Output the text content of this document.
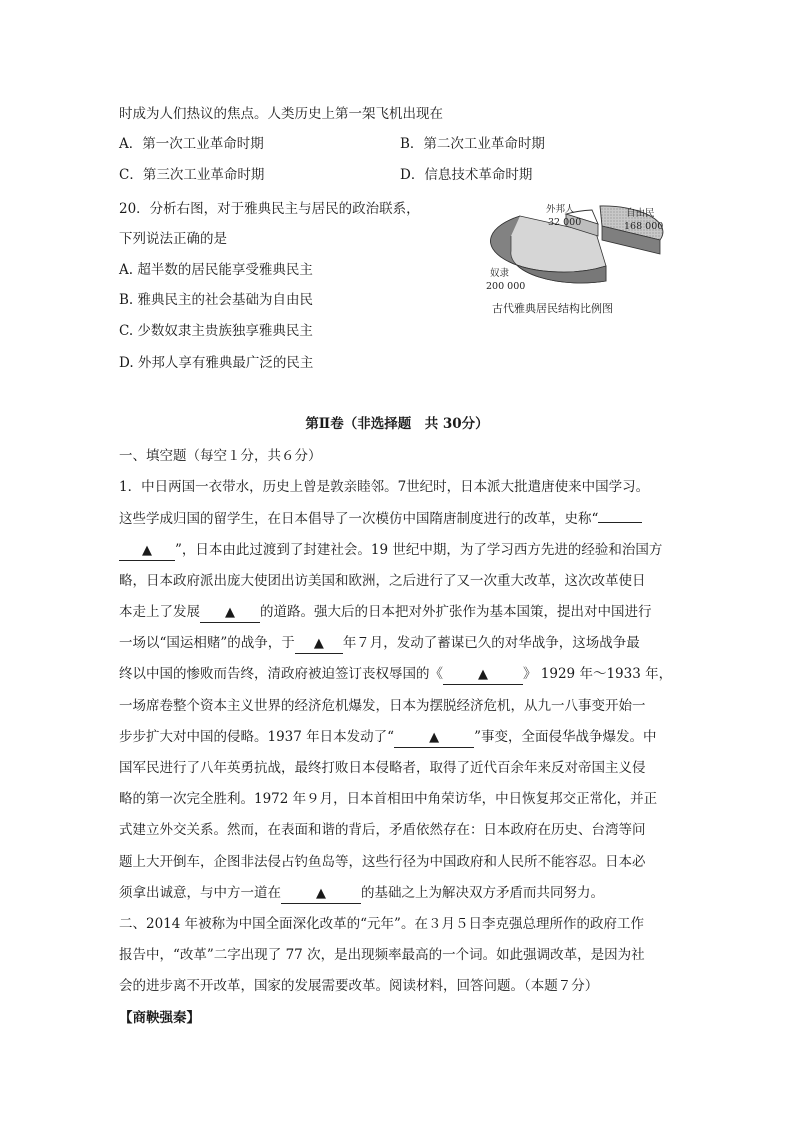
时成为人们热议的焦点。人类历史上第一架飞机出现在
A．第一次工业革命时期	B．第二次工业革命时期
C．第三次工业革命时期	D．信息技术革命时期
20．分析右图，对于雅典民主与居民的政治联系，
下列说法正确的是
A. 超半数的居民能享受雅典民主
B. 雅典民主的社会基础为自由民
C. 少数奴隶主贵族独享雅典民主
D. 外邦人享有雅典最广泛的民主
外邦人
32 000
自由民
168 000
奴隶
200 000
古代雅典居民结构比例图
第Ⅱ卷（非选择题　共 30分）
一、填空题（每空１分，共６分）
1．中日两国一衣带水，历史上曾是敦亲睦邻。7世纪时，日本派大批遣唐使来中国学习。
这些学成归国的留学生，在日本倡导了一次模仿中国隋唐制度进行的改革，史称“
▲ ”，日本由此过渡到了封建社会。19 世纪中期，为了学习西方先进的经验和治国方
略，日本政府派出庞大使团出访美国和欧洲，之后进行了又一次重大改革，这次改革使日
本走上了发展 ▲ 的道路。强大后的日本把对外扩张作为基本国策，提出对中国进行
一场以“国运相赌”的战争，于 ▲ 年７月，发动了蓄谋已久的对华战争，这场战争最
终以中国的惨败而告终，清政府被迫签订丧权辱国的《	▲	》 1929 年～1933 年，
一场席卷整个资本主义世界的经济危机爆发，日本为摆脱经济危机，从九一八事变开始一
步步扩大对中国的侵略。1937 年日本发动了“	▲	”事变，全面侵华战争爆发。中
国军民进行了八年英勇抗战，最终打败日本侵略者，取得了近代百余年来反对帝国主义侵
略的第一次完全胜利。1972 年９月，日本首相田中角荣访华，中日恢复邦交正常化，并正
式建立外交关系。然而，在表面和谐的背后，矛盾依然存在：日本政府在历史、台湾等问
题上大开倒车，企图非法侵占钓鱼岛等，这些行径为中国政府和人民所不能容忍。日本必
须拿出诚意，与中方一道在	▲	的基础之上为解决双方矛盾而共同努力。
二、2014 年被称为中国全面深化改革的“元年”。在３月５日李克强总理所作的政府工作
报告中，“改革”二字出现了 77 次，是出现频率最高的一个词。如此强调改革，是因为社
会的进步离不开改革，国家的发展需要改革。阅读材料，回答问题。（本题７分）
【商鞅强秦】
